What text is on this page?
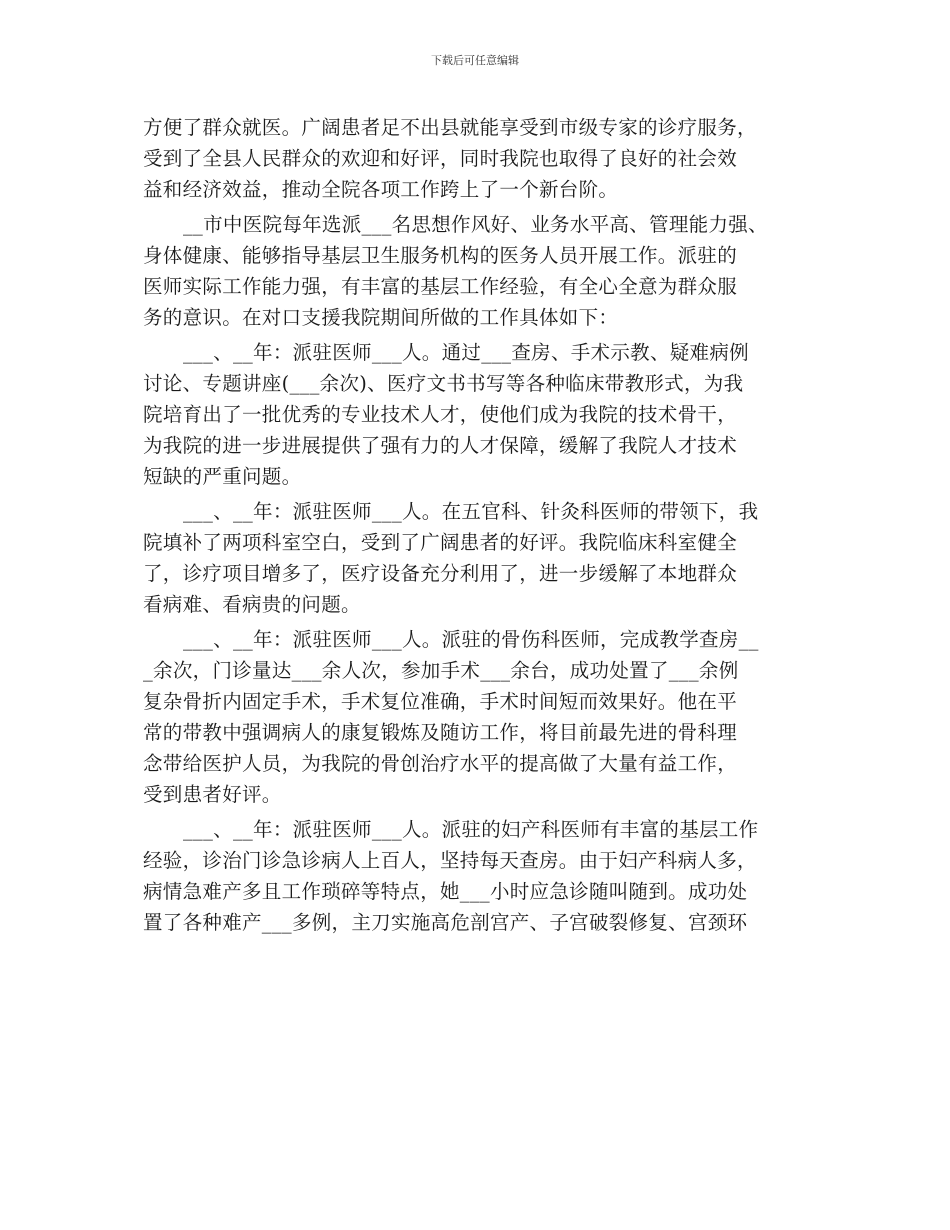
下载后可任意编辑
方便了群众就医。广阔患者足不出县就能享受到市级专家的诊疗服务，
受到了全县人民群众的欢迎和好评，同时我院也取得了良好的社会效
益和经济效益，推动全院各项工作跨上了一个新台阶。
__市中医院每年选派___名思想作风好、业务水平高、管理能力强、
身体健康、能够指导基层卫生服务机构的医务人员开展工作。派驻的
医师实际工作能力强，有丰富的基层工作经验，有全心全意为群众服
务的意识。在对口支援我院期间所做的工作具体如下：
___、__年：派驻医师___人。通过___查房、手术示教、疑难病例
讨论、专题讲座(___余次)、医疗文书书写等各种临床带教形式，为我
院培育出了一批优秀的专业技术人才，使他们成为我院的技术骨干，
为我院的进一步进展提供了强有力的人才保障，缓解了我院人才技术
短缺的严重问题。
___、__年：派驻医师___人。在五官科、针灸科医师的带领下，我
院填补了两项科室空白，受到了广阔患者的好评。我院临床科室健全
了，诊疗项目增多了，医疗设备充分利用了，进一步缓解了本地群众
看病难、看病贵的问题。
___、__年：派驻医师___人。派驻的骨伤科医师，完成教学查房__
_余次，门诊量达___余人次，参加手术___余台，成功处置了___余例
复杂骨折内固定手术，手术复位准确，手术时间短而效果好。他在平
常的带教中强调病人的康复锻炼及随访工作，将目前最先进的骨科理
念带给医护人员，为我院的骨创治疗水平的提高做了大量有益工作，
受到患者好评。
___、__年：派驻医师___人。派驻的妇产科医师有丰富的基层工作
经验，诊治门诊急诊病人上百人，坚持每天查房。由于妇产科病人多，
病情急难产多且工作琐碎等特点，她___小时应急诊随叫随到。成功处
置了各种难产___多例，主刀实施高危剖宫产、子宫破裂修复、宫颈环
